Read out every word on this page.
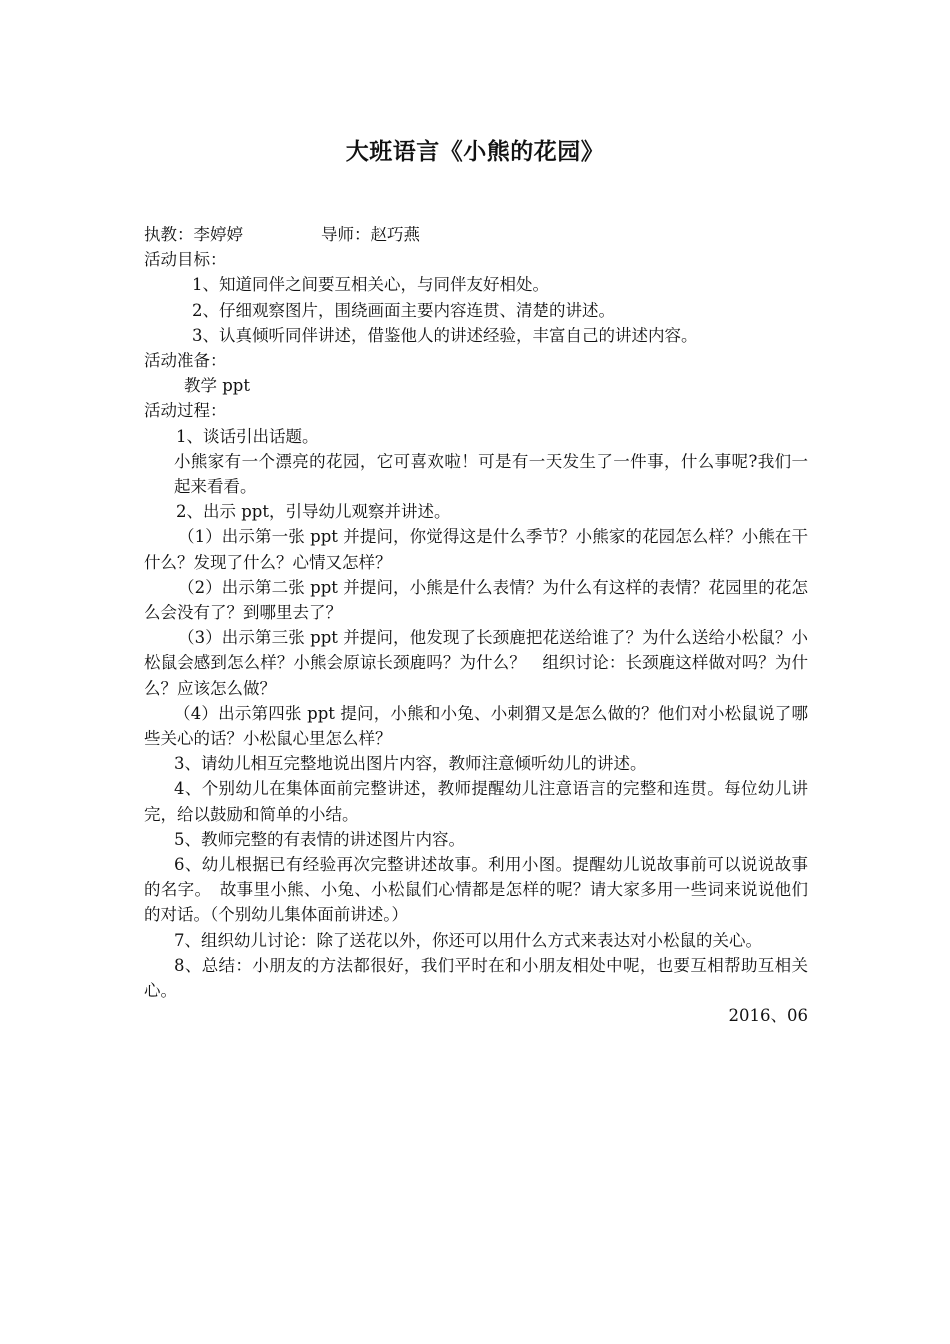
大班语言《小熊的花园》
执教：李婷婷	导师：赵巧燕
活动目标：
1、知道同伴之间要互相关心，与同伴友好相处。
2、仔细观察图片，围绕画面主要内容连贯、清楚的讲述。
3、认真倾听同伴讲述，借鉴他人的讲述经验，丰富自己的讲述内容。
活动准备：
教学 ppt
活动过程：
1、谈话引出话题。
小熊家有一个漂亮的花园，它可喜欢啦！可是有一天发生了一件事，什么事呢?我们一起来看看。
2、出示 ppt，引导幼儿观察并讲述。
（1）出示第一张 ppt 并提问，你觉得这是什么季节？小熊家的花园怎么样？小熊在干什么？发现了什么？心情又怎样？
（2）出示第二张 ppt 并提问，小熊是什么表情？为什么有这样的表情？花园里的花怎么会没有了？到哪里去了？
（3）出示第三张 ppt 并提问，他发现了长颈鹿把花送给谁了？为什么送给小松鼠？小松鼠会感到怎么样？小熊会原谅长颈鹿吗？为什么？　组织讨论：长颈鹿这样做对吗？为什么？应该怎么做？
（4）出示第四张 ppt 提问，小熊和小兔、小刺猬又是怎么做的？他们对小松鼠说了哪些关心的话？小松鼠心里怎么样？
3、请幼儿相互完整地说出图片内容，教师注意倾听幼儿的讲述。
4、个别幼儿在集体面前完整讲述，教师提醒幼儿注意语言的完整和连贯。每位幼儿讲完，给以鼓励和简单的小结。
5、教师完整的有表情的讲述图片内容。
6、幼儿根据已有经验再次完整讲述故事。利用小图。提醒幼儿说故事前可以说说故事的名字。　故事里小熊、小兔、小松鼠们心情都是怎样的呢？请大家多用一些词来说说他们的对话。（个别幼儿集体面前讲述。）
7、组织幼儿讨论：除了送花以外，你还可以用什么方式来表达对小松鼠的关心。
8、总结：小朋友的方法都很好，我们平时在和小朋友相处中呢，也要互相帮助互相关心。
2016、06
